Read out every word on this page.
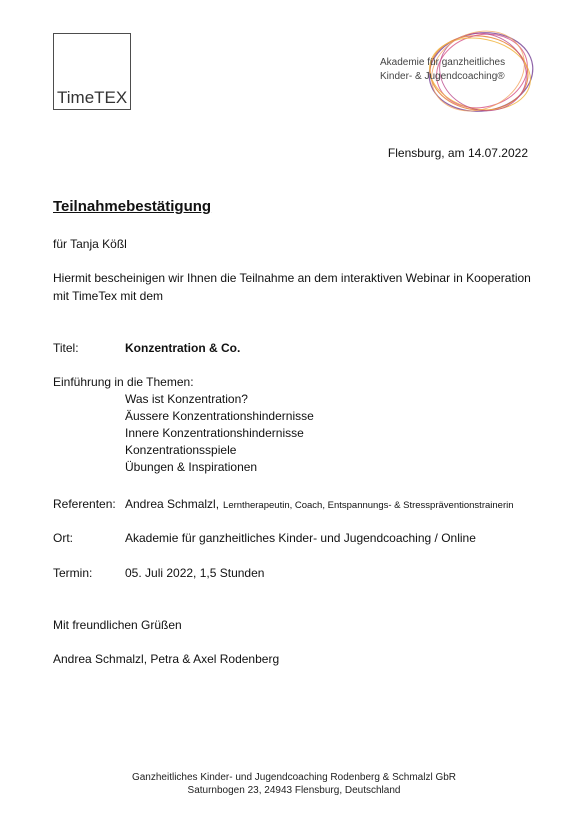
TimeTEX
Akademie für ganzheitliches
Kinder- & Jugendcoaching®
Flensburg, am 14.07.2022
Teilnahmebestätigung
für Tanja Kößl
Hiermit bescheinigen wir Ihnen die Teilnahme an dem interaktiven Webinar in Kooperation
mit TimeTex mit dem
Titel:	Konzentration & Co.
Einführung in die Themen:
Was ist Konzentration?
Äussere Konzentrationshindernisse
Innere Konzentrationshindernisse
Konzentrationsspiele
Übungen & Inspirationen
Referenten: Andrea Schmalzl, Lerntherapeutin, Coach, Entspannungs- & Stresspräventionstrainerin
Ort:	Akademie für ganzheitliches Kinder- und Jugendcoaching / Online
Termin:	05. Juli 2022, 1,5 Stunden
Mit freundlichen Grüßen
Andrea Schmalzl, Petra & Axel Rodenberg
Ganzheitliches Kinder- und Jugendcoaching Rodenberg & Schmalzl GbR
Saturnbogen 23, 24943 Flensburg, Deutschland
